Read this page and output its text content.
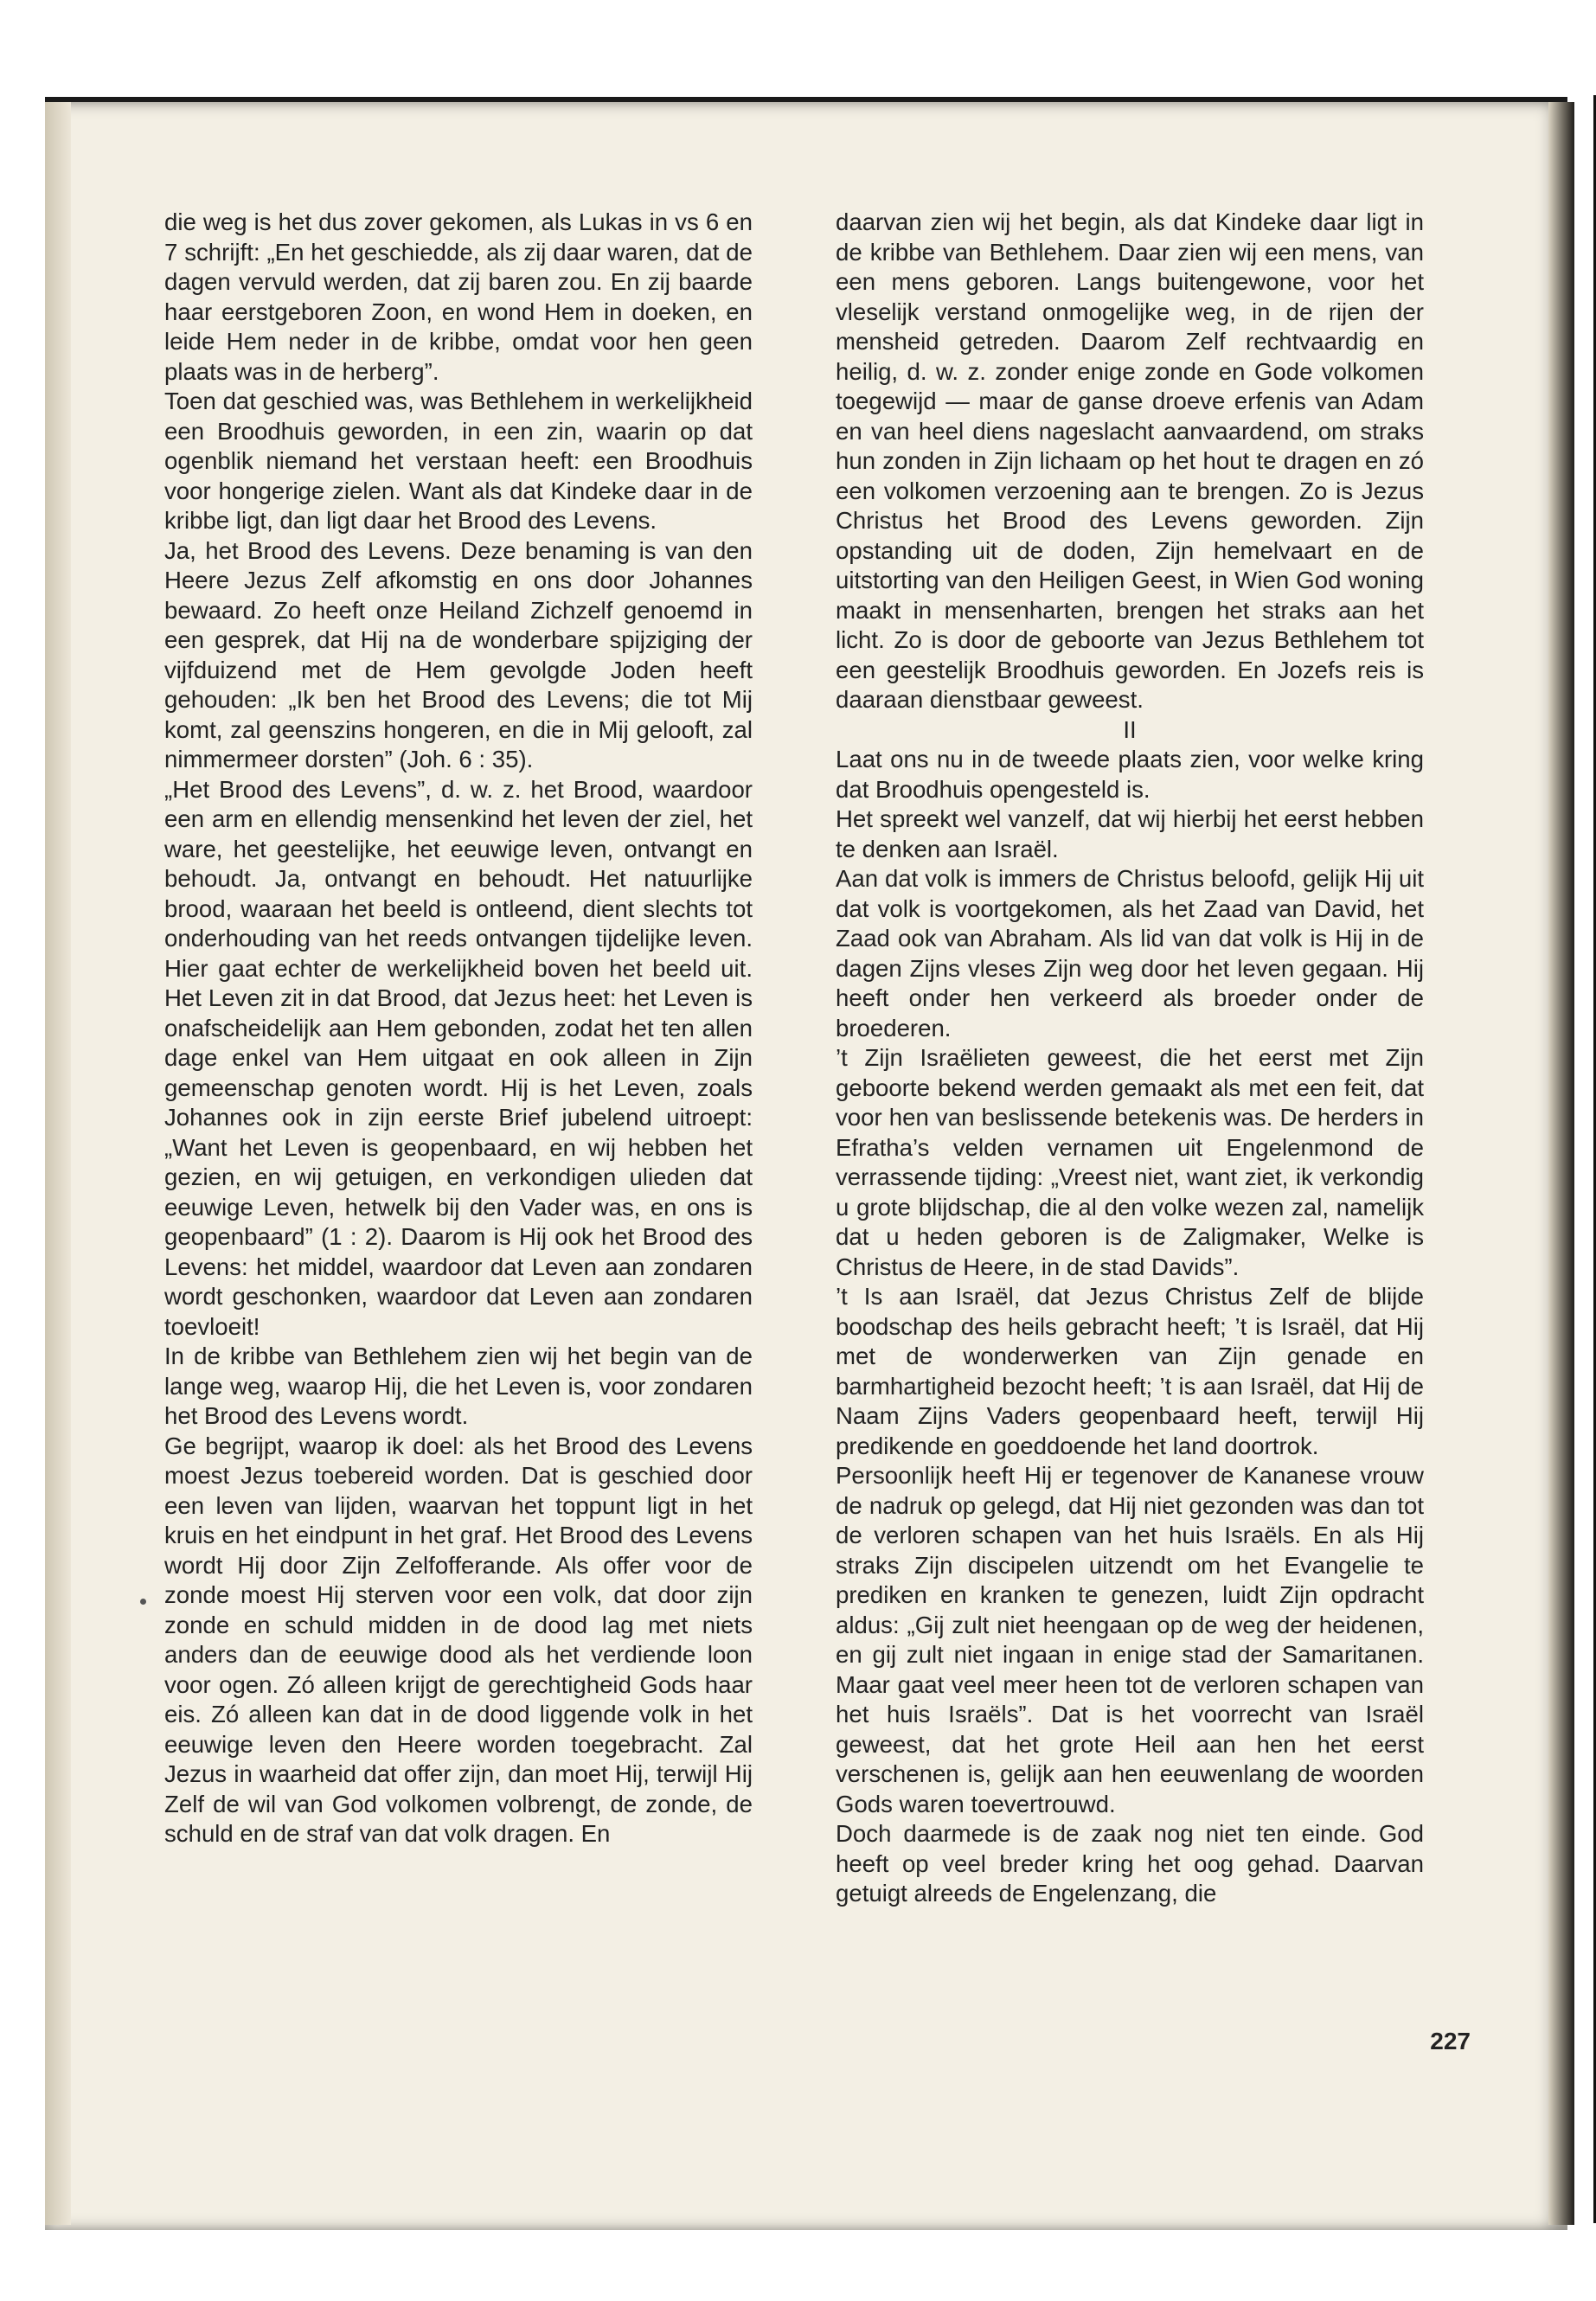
die weg is het dus zover gekomen, als Lukas in vs 6 en 7 schrijft: „En het geschiedde, als zij daar waren, dat de dagen vervuld werden, dat zij baren zou. En zij baarde haar eerstgeboren Zoon, en wond Hem in doeken, en leide Hem neder in de kribbe, omdat voor hen geen plaats was in de herberg”.

Toen dat geschied was, was Bethlehem in werkelijkheid een Broodhuis geworden, in een zin, waarin op dat ogenblik niemand het verstaan heeft: een Broodhuis voor hongerige zielen. Want als dat Kindeke daar in de kribbe ligt, dan ligt daar het Brood des Levens.

Ja, het Brood des Levens. Deze benaming is van den Heere Jezus Zelf afkomstig en ons door Johannes bewaard. Zo heeft onze Heiland Zichzelf genoemd in een gesprek, dat Hij na de wonderbare spijziging der vijfduizend met de Hem gevolgde Joden heeft gehouden: „Ik ben het Brood des Levens; die tot Mij komt, zal geenszins hongeren, en die in Mij gelooft, zal nimmermeer dorsten” (Joh. 6 : 35).

„Het Brood des Levens”, d. w. z. het Brood, waardoor een arm en ellendig mensenkind het leven der ziel, het ware, het geestelijke, het eeuwige leven, ontvangt en behoudt. Ja, ontvangt en behoudt. Het natuurlijke brood, waaraan het beeld is ontleend, dient slechts tot onderhouding van het reeds ontvangen tijdelijke leven. Hier gaat echter de werkelijkheid boven het beeld uit. Het Leven zit in dat Brood, dat Jezus heet: het Leven is onafscheidelijk aan Hem gebonden, zodat het ten allen dage enkel van Hem uitgaat en ook alleen in Zijn gemeenschap genoten wordt. Hij is het Leven, zoals Johannes ook in zijn eerste Brief jubelend uitroept: „Want het Leven is geopenbaard, en wij hebben het gezien, en wij getuigen, en verkondigen ulieden dat eeuwige Leven, hetwelk bij den Vader was, en ons is geopenbaard” (1 : 2). Daarom is Hij ook het Brood des Levens: het middel, waardoor dat Leven aan zondaren wordt geschonken, waardoor dat Leven aan zondaren toevloeit!

In de kribbe van Bethlehem zien wij het begin van de lange weg, waarop Hij, die het Leven is, voor zondaren het Brood des Levens wordt.

Ge begrijpt, waarop ik doel: als het Brood des Levens moest Jezus toebereid worden. Dat is geschied door een leven van lijden, waarvan het toppunt ligt in het kruis en het eindpunt in het graf. Het Brood des Levens wordt Hij door Zijn Zelfofferande. Als offer voor de zonde moest Hij sterven voor een volk, dat door zijn zonde en schuld midden in de dood lag met niets anders dan de eeuwige dood als het verdiende loon voor ogen. Zó alleen krijgt de gerechtigheid Gods haar eis. Zó alleen kan dat in de dood liggende volk in het eeuwige leven den Heere worden toegebracht. Zal Jezus in waarheid dat offer zijn, dan moet Hij, terwijl Hij Zelf de wil van God volkomen volbrengt, de zonde, de schuld en de straf van dat volk dragen. En

daarvan zien wij het begin, als dat Kindeke daar ligt in de kribbe van Bethlehem. Daar zien wij een mens, van een mens geboren. Langs buitengewone, voor het vleselijk verstand onmogelijke weg, in de rijen der mensheid getreden. Daarom Zelf rechtvaardig en heilig, d. w. z. zonder enige zonde en Gode volkomen toegewijd — maar de ganse droeve erfenis van Adam en van heel diens nageslacht aanvaardend, om straks hun zonden in Zijn lichaam op het hout te dragen en zó een volkomen verzoening aan te brengen. Zo is Jezus Christus het Brood des Levens geworden. Zijn opstanding uit de doden, Zijn hemelvaart en de uitstorting van den Heiligen Geest, in Wien God woning maakt in mensenharten, brengen het straks aan het licht. Zo is door de geboorte van Jezus Bethlehem tot een geestelijk Broodhuis geworden. En Jozefs reis is daaraan dienstbaar geweest.

II

Laat ons nu in de tweede plaats zien, voor welke kring dat Broodhuis opengesteld is.

Het spreekt wel vanzelf, dat wij hierbij het eerst hebben te denken aan Israël.

Aan dat volk is immers de Christus beloofd, gelijk Hij uit dat volk is voortgekomen, als het Zaad van David, het Zaad ook van Abraham. Als lid van dat volk is Hij in de dagen Zijns vleses Zijn weg door het leven gegaan. Hij heeft onder hen verkeerd als broeder onder de broederen.

’t Zijn Israëlieten geweest, die het eerst met Zijn geboorte bekend werden gemaakt als met een feit, dat voor hen van beslissende betekenis was. De herders in Efratha’s velden vernamen uit Engelenmond de verrassende tijding: „Vreest niet, want ziet, ik verkondig u grote blijdschap, die al den volke wezen zal, namelijk dat u heden geboren is de Zaligmaker, Welke is Christus de Heere, in de stad Davids”.

’t Is aan Israël, dat Jezus Christus Zelf de blijde boodschap des heils gebracht heeft; ’t is Israël, dat Hij met de wonderwerken van Zijn genade en barmhartigheid bezocht heeft; ’t is aan Israël, dat Hij de Naam Zijns Vaders geopenbaard heeft, terwijl Hij predikende en goeddoende het land doortrok.

Persoonlijk heeft Hij er tegenover de Kananese vrouw de nadruk op gelegd, dat Hij niet gezonden was dan tot de verloren schapen van het huis Israëls. En als Hij straks Zijn discipelen uitzendt om het Evangelie te prediken en kranken te genezen, luidt Zijn opdracht aldus: „Gij zult niet heengaan op de weg der heidenen, en gij zult niet ingaan in enige stad der Samaritanen. Maar gaat veel meer heen tot de verloren schapen van het huis Israëls”. Dat is het voorrecht van Israël geweest, dat het grote Heil aan hen het eerst verschenen is, gelijk aan hen eeuwenlang de woorden Gods waren toevertrouwd.

Doch daarmede is de zaak nog niet ten einde. God heeft op veel breder kring het oog gehad. Daarvan getuigt alreeds de Engelenzang, die

227
